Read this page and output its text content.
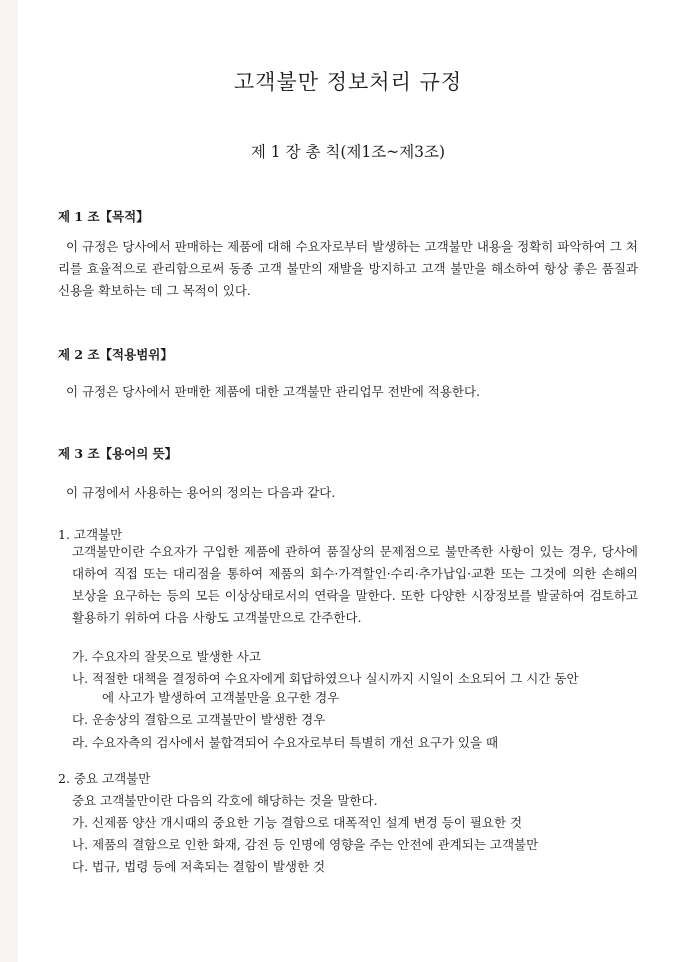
고객불만 정보처리 규정
제 1 장 총 칙(제1조~제3조)
제 1 조【목적】
이 규정은 당사에서 판매하는 제품에 대해 수요자로부터 발생하는 고객불만 내용을 정확히 파악하여 그 처리를 효율적으로 관리함으로써 동종 고객 불만의 재발을 방지하고 고객 불만을 해소하여 항상 좋은 품질과 신용을 확보하는 데 그 목적이 있다.
제 2 조【적용범위】
이 규정은 당사에서 판매한 제품에 대한 고객불만 관리업무 전반에 적용한다.
제 3 조【용어의 뜻】
이 규정에서 사용하는 용어의 정의는 다음과 같다.
1. 고객불만
고객불만이란 수요자가 구입한 제품에 관하여 품질상의 문제점으로 불만족한 사항이 있는 경우, 당사에 대하여 직접 또는 대리점을 통하여 제품의 회수·가격할인·수리·추가납입·교환 또는 그것에 의한 손해의 보상을 요구하는 등의 모든 이상상태로서의 연락을 말한다. 또한 다양한 시장정보를 발굴하여 검토하고 활용하기 위하여 다음 사항도 고객불만으로 간주한다.
가. 수요자의 잘못으로 발생한 사고
나. 적절한 대책을 결정하여 수요자에게 회답하였으나 실시까지 시일이 소요되어 그 시간 동안
에 사고가 발생하여 고객불만을 요구한 경우
다. 운송상의 결함으로 고객불만이 발생한 경우
라. 수요자측의 검사에서 불합격되어 수요자로부터 특별히 개선 요구가 있을 때
2. 중요 고객불만
중요 고객불만이란 다음의 각호에 해당하는 것을 말한다.
가. 신제품 양산 개시때의 중요한 기능 결함으로 대폭적인 설계 변경 등이 필요한 것
나. 제품의 결함으로 인한 화재, 감전 등 인명에 영향을 주는 안전에 관계되는 고객불만
다. 법규, 법령 등에 저촉되는 결함이 발생한 것
